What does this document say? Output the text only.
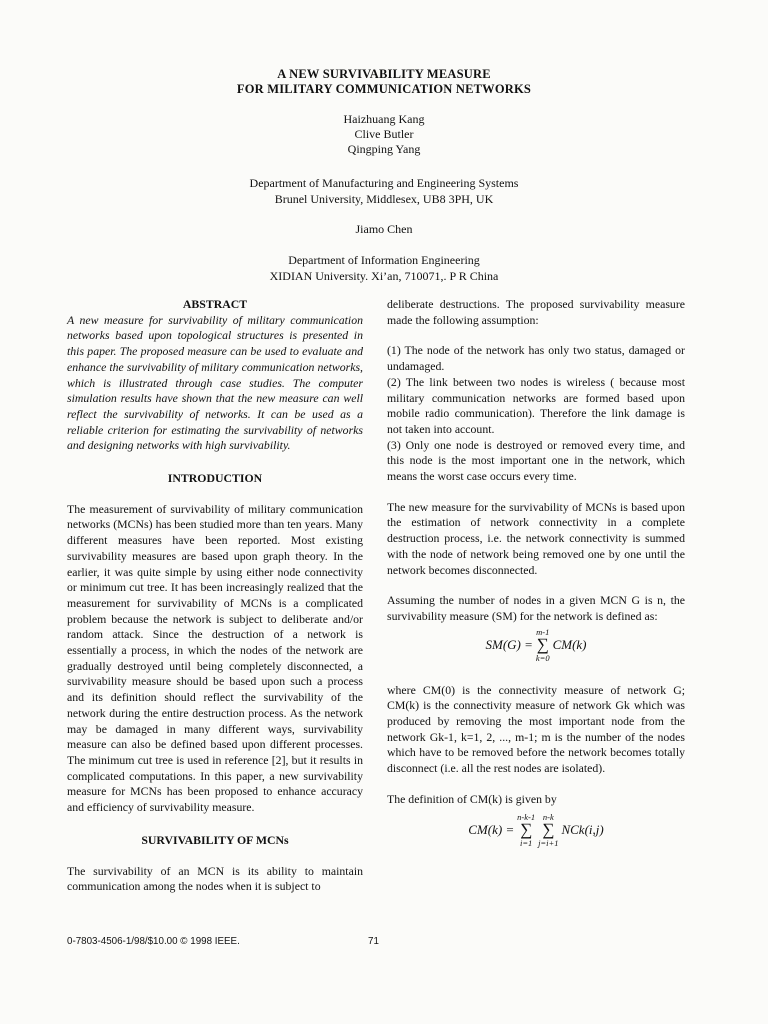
A NEW SURVIVABILITY MEASURE
FOR MILITARY COMMUNICATION NETWORKS
Haizhuang Kang
Clive Butler
Qingping Yang
Department of Manufacturing and Engineering Systems
Brunel University, Middlesex, UB8 3PH, UK
Jiamo Chen
Department of Information Engineering
XIDIAN University. Xi’an, 710071,. P R China
ABSTRACT

A new measure for survivability of military communication networks based upon topological structures is presented in this paper. The proposed measure can be used to evaluate and enhance the survivability of military communication networks, which is illustrated through case studies. The computer simulation results have shown that the new measure can well reflect the survivability of networks. It can be used as a reliable criterion for estimating the survivability of networks and designing networks with high survivability.

INTRODUCTION

The measurement of survivability of military communication networks (MCNs) has been studied more than ten years. Many different measures have been reported. Most existing survivability measures are based upon graph theory. In the earlier, it was quite simple by using either node connectivity or minimum cut tree. It has been increasingly realized that the measurement for survivability of MCNs is a complicated problem because the network is subject to deliberate and/or random attack. Since the destruction of a network is essentially a process, in which the nodes of the network are gradually destroyed until being completely disconnected, a survivability measure should be based upon such a process and its definition should reflect the survivability of the network during the entire destruction process. As the network may be damaged in many different ways, survivability measure can also be defined based upon different processes. The minimum cut tree is used in reference [2], but it results in complicated computations. In this paper, a new survivability measure for MCNs has been proposed to enhance accuracy and efficiency of survivability measure.

SURVIVABILITY OF MCNs

The survivability of an MCN is its ability to maintain communication among the nodes when it is subject to

deliberate destructions. The proposed survivability measure made the following assumption:

(1) The node of the network has only two status, damaged or undamaged.

(2) The link between two nodes is wireless ( because most military communication networks are formed based upon mobile radio communication). Therefore the link damage is not taken into account.

(3) Only one node is destroyed or removed every time, and this node is the most important one in the network, which means the worst case occurs every time.

The new measure for the survivability of MCNs is based upon the estimation of network connectivity in a complete destruction process, i.e. the network connectivity is summed with the node of network being removed one by one until the network becomes disconnected.

Assuming the number of nodes in a given MCN G is n, the survivability measure (SM) for the network is defined as:

SM(G) =
m-1
∑
k=0
CM(k)

where CM(0) is the connectivity measure of network G; CM(k) is the connectivity measure of network Gk which was produced by removing the most important node from the network Gk-1, k=1, 2, ..., m-1; m is the number of the nodes which have to be removed before the network becomes totally disconnect (i.e. all the rest nodes are isolated).

The definition of CM(k) is given by

CM(k) =
n-k-1
∑
i=1

n-k
∑
j=i+1
NCk(i,j)
0-7803-4506-1/98/$10.00 © 1998 IEEE.	71
